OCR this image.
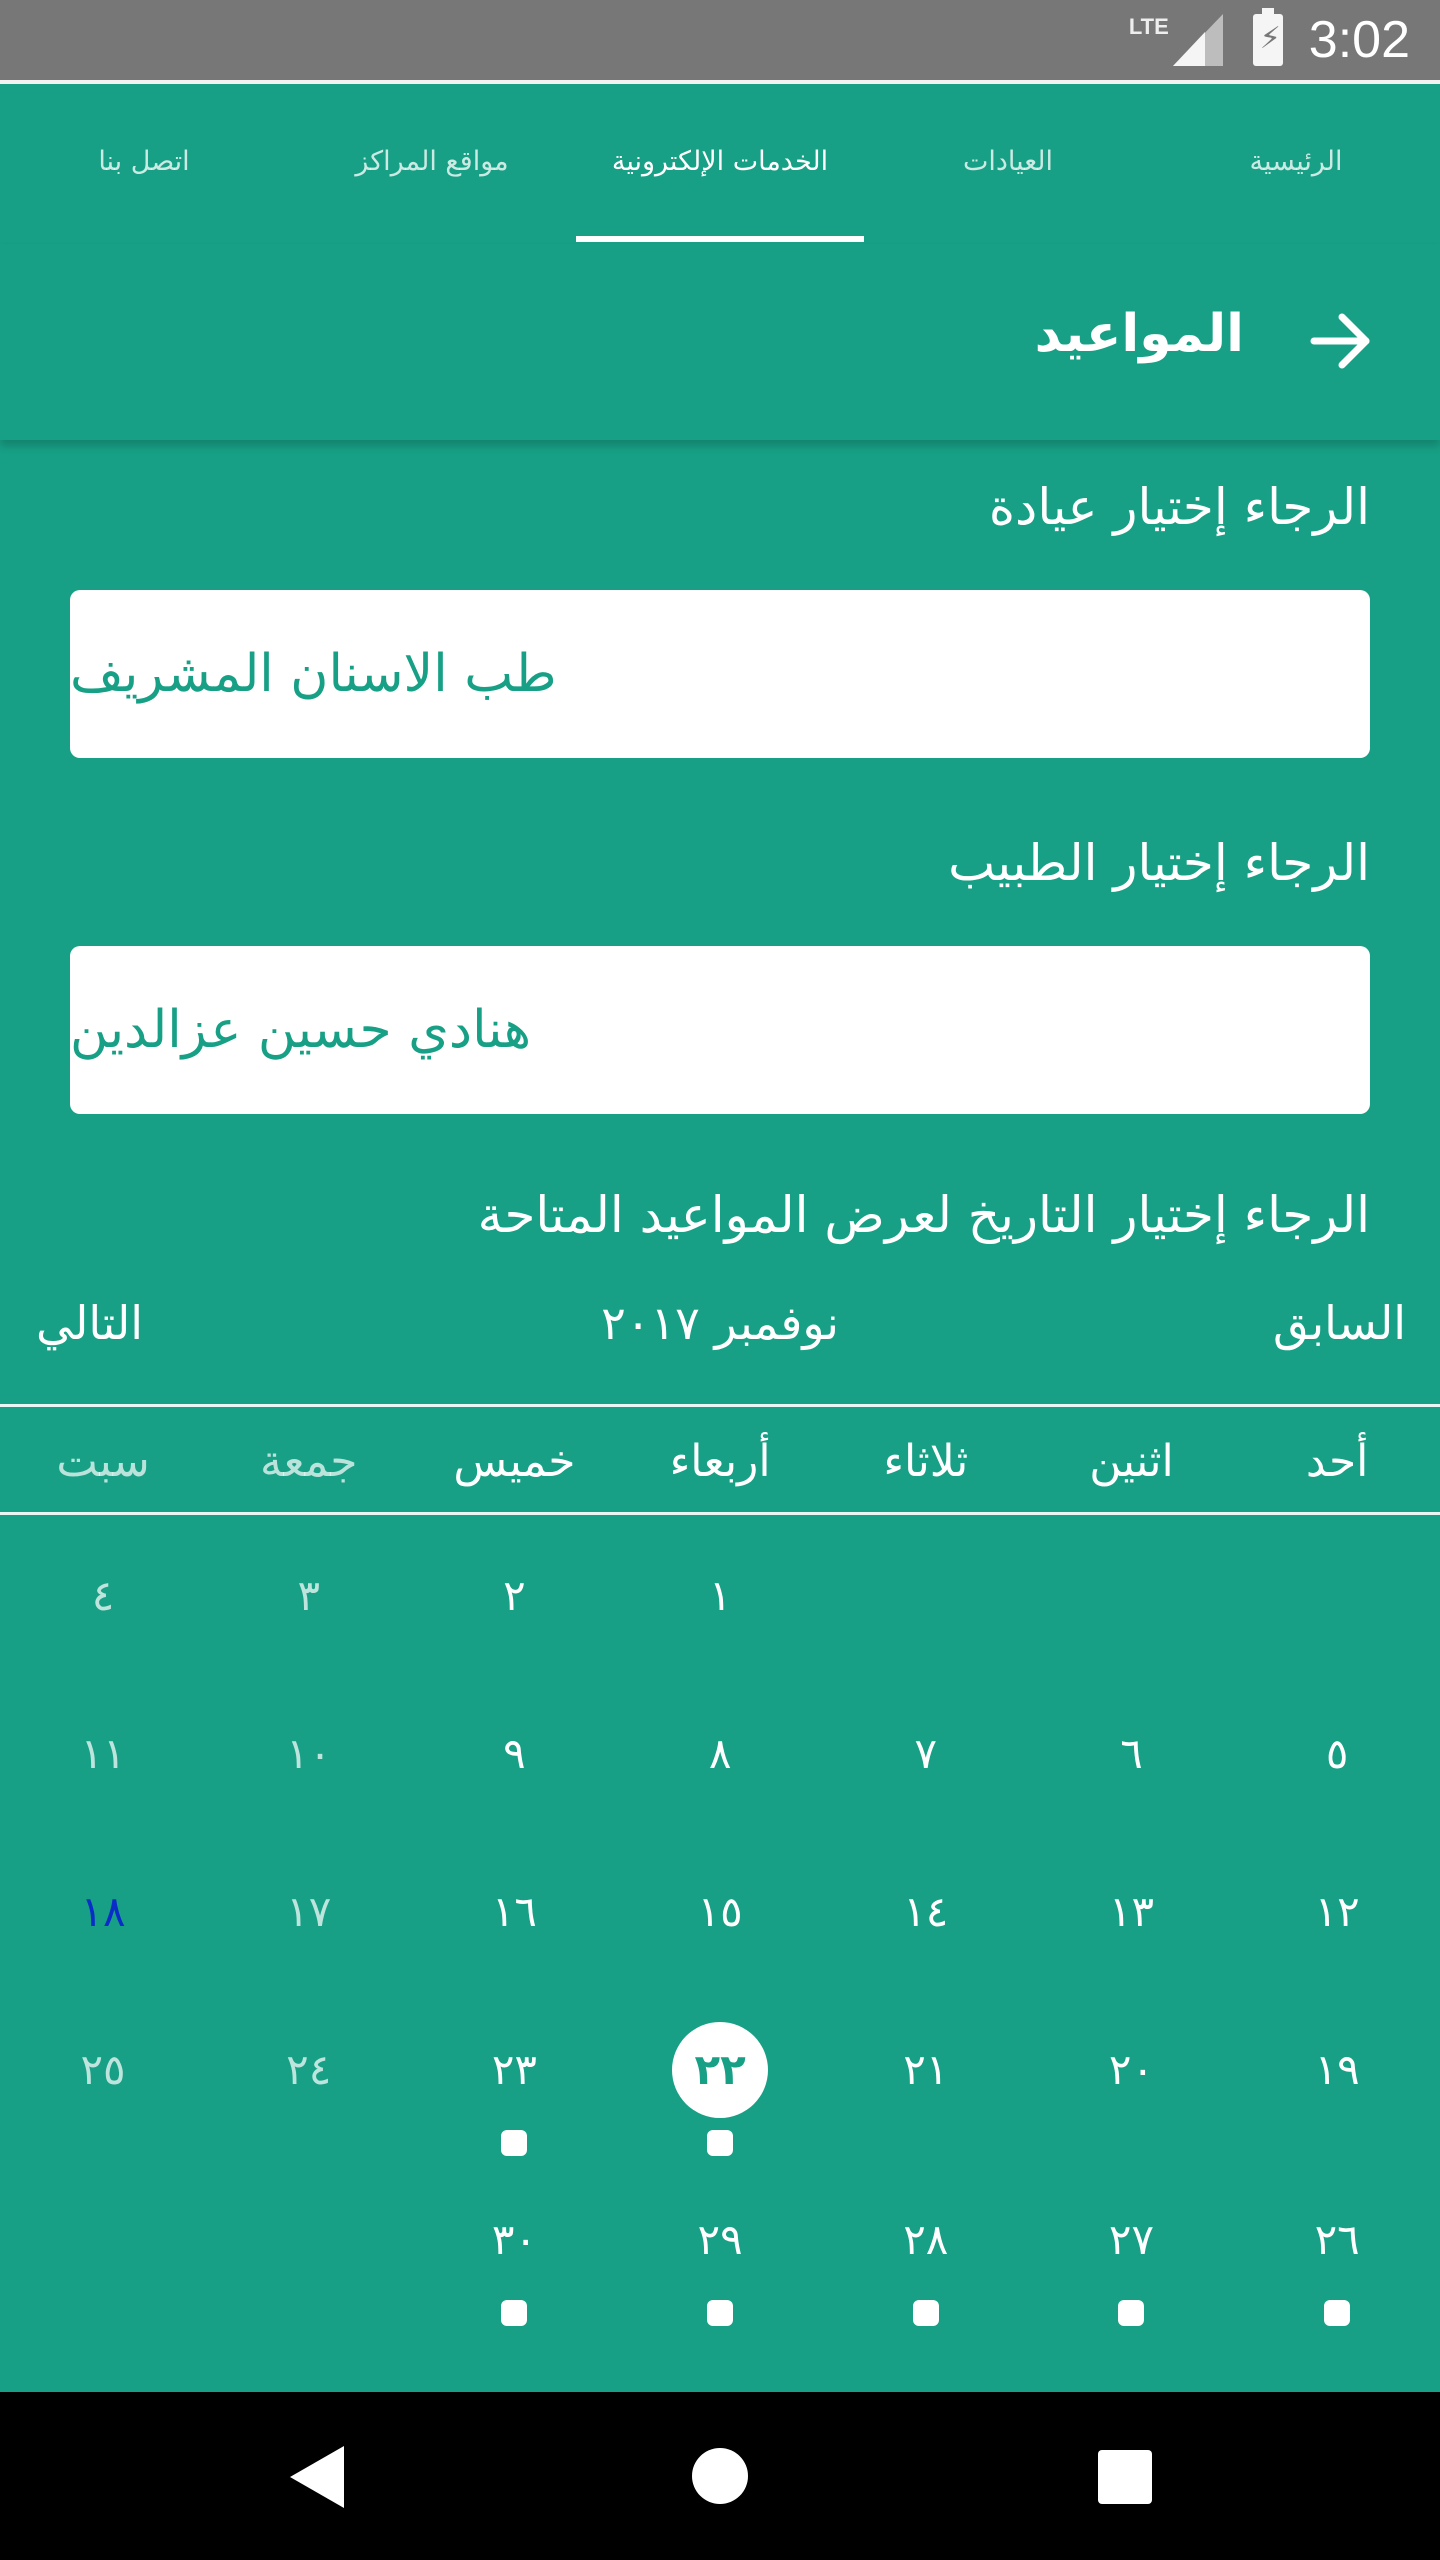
LTE	⚡ 3:02
الرئيسية
العيادات
الخدمات الإلكترونية
مواقع المراكز
اتصل بنا
المواعيد
الرجاء إختيار عيادة
طب الاسنان المشريف
الرجاء إختيار الطبيب
هنادي حسين عزالدين
الرجاء إختيار التاريخ لعرض المواعيد المتاحة
السابق
نوفمبر ٢٠١٧
التالي
أحد
اثنين
ثلاثاء
أربعاء
خميس
جمعة
سبت
١
٢
٣
٤
٥
٦
٧
٨
٩
١٠
١١
١٢
١٣
١٤
١٥
١٦
١٧
١٨
١٩
٢٠
٢١
٢٢
٢٣
٢٤
٢٥
٢٦
٢٧
٢٨
٢٩
٣٠
